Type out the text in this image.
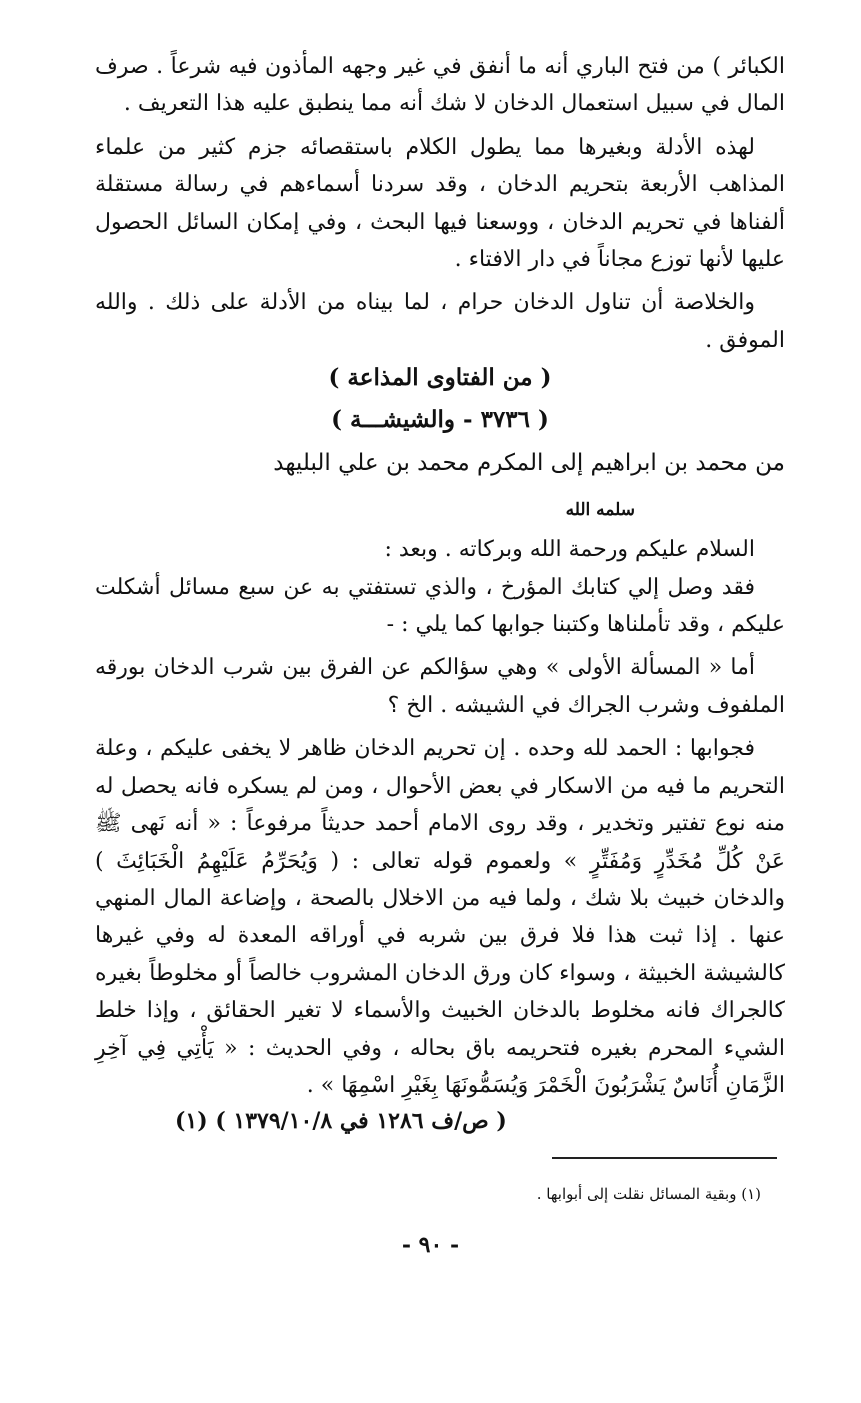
الكبائر ) من فتح الباري أنه ما أنفق في غير وجهه المأذون فيه شرعاً . صرف المال في سبيل استعمال الدخان لا شك أنه مما ينطبق عليه هذا التعريف .

لهذه الأدلة وبغيرها مما يطول الكلام باستقصائه جزم كثير من علماء المذاهب الأربعة بتحريم الدخان ، وقد سردنا أسماءهم في رسالة مستقلة ألفناها في تحريم الدخان ، ووسعنا فيها البحث ، وفي إمكان السائل الحصول عليها لأنها توزع مجاناً في دار الافتاء .

والخلاصة أن تناول الدخان حرام ، لما بيناه من الأدلة على ذلك . والله الموفق .

( من الفتاوى المذاعة )
( ٣٧٣٦ - والشيشـــة )

من محمد بن ابراهيم إلى المكرم محمد بن علي البليهد

سلمه الله

السلام عليكم ورحمة الله وبركاته . وبعد :

فقد وصل إلي كتابك المؤرخ ، والذي تستفتي به عن سبع مسائل أشكلت عليكم ، وقد تأملناها وكتبنا جوابها كما يلي : -

أما « المسألة الأولى » وهي سؤالكم عن الفرق بين شرب الدخان بورقه الملفوف وشرب الجراك في الشيشه . الخ ؟

فجوابها : الحمد لله وحده . إن تحريم الدخان ظاهر لا يخفى عليكم ، وعلة التحريم ما فيه من الاسكار في بعض الأحوال ، ومن لم يسكره فانه يحصل له منه نوع تفتير وتخدير ، وقد روى الامام أحمد حديثاً مرفوعاً : « أنه نَهى ﷺ عَنْ كُلِّ مُخَدِّرٍ وَمُفَتِّرٍ » ولعموم قوله تعالى : ( وَيُحَرِّمُ عَلَيْهِمُ الْخَبَائِثَ ) والدخان خبيث بلا شك ، ولما فيه من الاخلال بالصحة ، وإضاعة المال المنهي عنها . إذا ثبت هذا فلا فرق بين شربه في أوراقه المعدة له وفي غيرها كالشيشة الخبيثة ، وسواء كان ورق الدخان المشروب خالصاً أو مخلوطاً بغيره كالجراك فانه مخلوط بالدخان الخبيث والأسماء لا تغير الحقائق ، وإذا خلط الشيء المحرم بغيره فتحريمه باق بحاله ، وفي الحديث : « يَأْتِي فِي آخِرِ الزَّمَانِ أُنَاسٌ يَشْرَبُونَ الْخَمْرَ وَيُسَمُّونَهَا بِغَيْرِ اسْمِهَا » .

( ص/ف ١٢٨٦ في ١٣٧٩/١٠/٨ ) (١)
(١) وبقية المسائل نقلت إلى أبوابها .
- ٩٠ -
